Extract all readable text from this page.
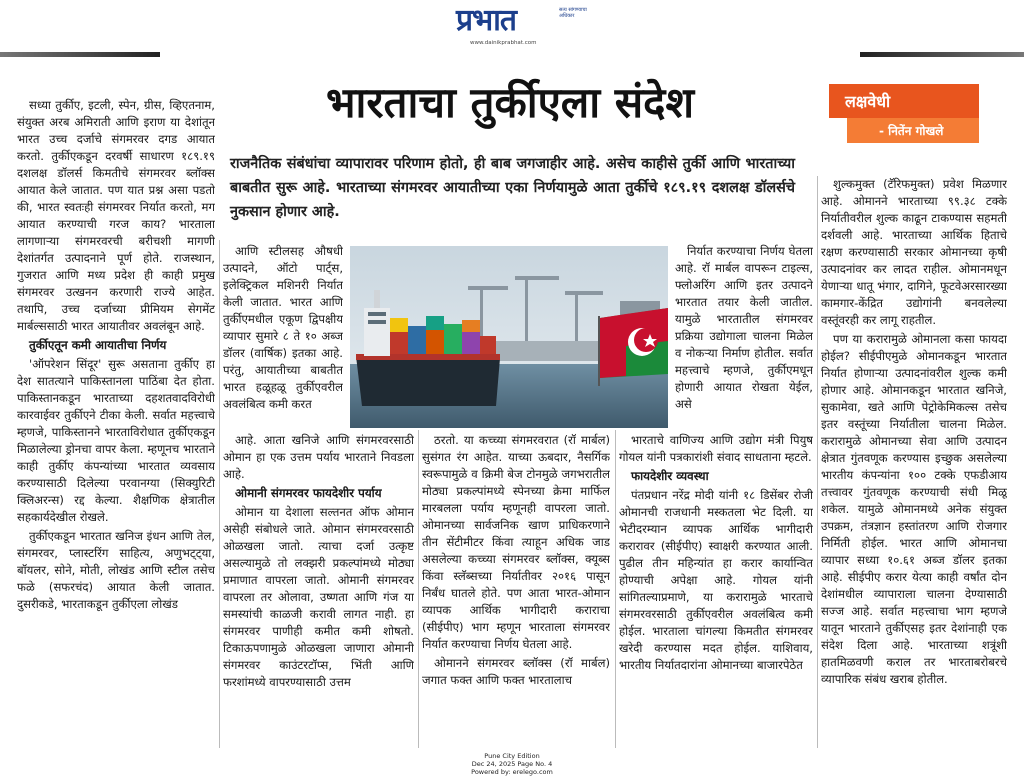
प्रभात	सत्य सांगण्याचा अधिकार
www.dainikprabhat.com
भारताचा तुर्कीएला संदेश
राजनैतिक संबंधांचा व्यापारावर परिणाम होतो, ही बाब जगजाहीर आहे. असेच काहीसे तुर्की आणि भारताच्या बाबतीत सुरू आहे. भारताच्या संगमरवर आयातीच्या एका निर्णयामुळे आता तुर्कीचे १८९.१९ दशलक्ष डॉलर्सचे नुकसान होणार आहे.

सध्या तुर्कीए, इटली, स्पेन, ग्रीस, व्हिएतनाम, संयुक्त अरब अमिराती आणि इराण या देशांतून भारत उच्च दर्जाचे संगमरवर दगड आयात करतो. तुर्कीएकडून दरवर्षी साधारण १८९.१९ दशलक्ष डॉलर्स किमतीचे संगमरवर ब्लॉक्स आयात केले जातात. पण यात प्रश्न असा पडतो की, भारत स्वतःही संगमरवर निर्यात करतो, मग आयात करण्याची गरज काय? भारताला लागणाऱ्या संगमरवरची बरीचशी मागणी देशांतर्गत उत्पादनाने पूर्ण होते. राजस्थान, गुजरात आणि मध्य प्रदेश ही काही प्रमुख संगमरवर उत्खनन करणारी राज्ये आहेत. तथापि, उच्च दर्जाच्या प्रीमियम सेगमेंट मार्बल्ससाठी भारत आयातीवर अवलंबून आहे.

तुर्कीएतून कमी आयातीचा निर्णय

'ऑपरेशन सिंदूर' सुरू असताना तुर्कीए हा देश सातत्याने पाकिस्तानला पाठिंबा देत होता. पाकिस्तानकडून भारताच्या दहशतवादविरोधी कारवाईवर तुर्कीएने टीका केली. सर्वात महत्त्वाचे म्हणजे, पाकिस्तानने भारताविरोधात तुर्कीएकडून मिळालेल्या ड्रोनचा वापर केला. म्हणूनच भारताने काही तुर्कीए कंपन्यांच्या भारतात व्यवसाय करण्यासाठी दिलेल्या परवानग्या (सिक्युरिटी क्लिअरन्स) रद्द केल्या. शैक्षणिक क्षेत्रातील सहकार्यदेखील रोखले.

तुर्कीएकडून भारतात खनिज इंधन आणि तेल, संगमरवर, प्लास्टरिंग साहित्य, अणुभट्ट्या, बॉयलर, सोने, मोती, लोखंड आणि स्टील तसेच फळे (सफरचंद) आयात केली जातात. दुसरीकडे, भारताकडून तुर्कीएला लोखंड

आणि स्टीलसह औषधी उत्पादने, ऑटो पार्ट्स, इलेक्ट्रिकल मशिनरी निर्यात केली जातात. भारत आणि तुर्कीएमधील एकूण द्विपक्षीय व्यापार सुमारे ८ ते १० अब्ज डॉलर (वार्षिक) इतका आहे. परंतु, आयातीच्या बाबतीत भारत हळूहळू तुर्कीएवरील अवलंबित्व कमी करत

आहे. आता खनिजे आणि संगमरवरसाठी ओमान हा एक उत्तम पर्याय भारताने निवडला आहे.

ओमानी संगमरवर फायदेशीर पर्याय

ओमान या देशाला सल्तनत ऑफ ओमान असेही संबोधले जाते. ओमान संगमरवरसाठी ओळखला जातो. त्याचा दर्जा उत्कृष्ट असल्यामुळे तो लक्झरी प्रकल्पांमध्ये मोठ्या प्रमाणात वापरला जातो. ओमानी संगमरवर वापरला तर ओलावा, उष्णता आणि गंज या समस्यांची काळजी करावी लागत नाही. हा संगमरवर पाणीही कमीत कमी शोषतो. टिकाऊपणामुळे ओळखला जाणारा ओमानी संगमरवर काउंटरटॉप्स, भिंती आणि फरशांमध्ये वापरण्यासाठी उत्तम

ठरतो. या कच्च्या संगमरवरात (रॉ मार्बल) सुसंगत रंग आहेत. याच्या ऊबदार, नैसर्गिक स्वरूपामुळे व क्रिमी बेज टोनमुळे जगभरातील मोठ्या प्रकल्पांमध्ये स्पेनच्या क्रेमा मार्फिल मारबलला पर्याय म्हणूनही वापरला जातो. ओमानच्या सार्वजनिक खाण प्राधिकरणाने तीन सेंटीमीटर किंवा त्याहून अधिक जाड असलेल्या कच्च्या संगमरवर ब्लॉक्स, क्यूब्स किंवा स्लॅब्सच्या निर्यातीवर २०१६ पासून निर्बंध घातले होते. पण आता भारत-ओमान व्यापक आर्थिक भागीदारी कराराचा (सीईपीए) भाग म्हणून भारताला संगमरवर निर्यात करण्याचा निर्णय घेतला आहे.

ओमानने संगमरवर ब्लॉक्स (रॉ मार्बल) जगात फक्त आणि फक्त भारतालाच

निर्यात करण्याचा निर्णय घेतला आहे. रॉ मार्बल वापरून टाइल्स, फ्लोअरिंग आणि इतर उत्पादने भारतात तयार केली जातील. यामुळे भारतातील संगमरवर प्रक्रिया उद्योगाला चालना मिळेल व नोकऱ्या निर्माण होतील. सर्वात महत्त्वाचे म्हणजे, तुर्कीएमधून होणारी आयात रोखता येईल, असे

भारताचे वाणिज्य आणि उद्योग मंत्री पियुष गोयल यांनी पत्रकारांशी संवाद साधताना म्हटले.

फायदेशीर व्यवस्था

पंतप्रधान नरेंद्र मोदी यांनी १८ डिसेंबर रोजी ओमानची राजधानी मस्कतला भेट दिली. या भेटीदरम्यान व्यापक आर्थिक भागीदारी करारावर (सीईपीए) स्वाक्षरी करण्यात आली. पुढील तीन महिन्यांत हा करार कार्यान्वित होण्याची अपेक्षा आहे. गोयल यांनी सांगितल्याप्रमाणे, या करारामुळे भारताचे संगमरवरसाठी तुर्कीएवरील अवलंबित्व कमी होईल. भारताला चांगल्या किमतीत संगमरवर खरेदी करण्यास मदत होईल. याशिवाय, भारतीय निर्यातदारांना ओमानच्या बाजारपेठेत

शुल्कमुक्त (टॅरिफमुक्त) प्रवेश मिळणार आहे. ओमानने भारताच्या ९९.३८ टक्के निर्यातीवरील शुल्क काढून टाकण्यास सहमती दर्शवली आहे. भारताच्या आर्थिक हिताचे रक्षण करण्यासाठी सरकार ओमानच्या कृषी उत्पादनांवर कर लादत राहील. ओमानमधून येणाऱ्या धातू भंगार, दागिने, फूटवेअरसारख्या कामगार-केंद्रित उद्योगांनी बनवलेल्या वस्तूंवरही कर लागू राहतील.

पण या करारामुळे ओमानला कसा फायदा होईल? सीईपीएमुळे ओमानकडून भारतात निर्यात होणाऱ्या उत्पादनांवरील शुल्क कमी होणार आहे. ओमानकडून भारतात खनिजे, सुकामेवा, खते आणि पेट्रोकेमिकल्स तसेच इतर वस्तूंच्या निर्यातीला चालना मिळेल. करारामुळे ओमानच्या सेवा आणि उत्पादन क्षेत्रात गुंतवणूक करण्यास इच्छुक असलेल्या भारतीय कंपन्यांना १०० टक्के एफडीआय तत्त्वावर गुंतवणूक करण्याची संधी मिळू शकेल. यामुळे ओमानमध्ये अनेक संयुक्त उपक्रम, तंत्रज्ञान हस्तांतरण आणि रोजगार निर्मिती होईल. भारत आणि ओमानचा व्यापार सध्या १०.६१ अब्ज डॉलर इतका आहे. सीईपीए करार येत्या काही वर्षांत दोन देशांमधील व्यापाराला चालना देण्यासाठी सज्ज आहे. सर्वात महत्त्वाचा भाग म्हणजे यातून भारताने तुर्कीएसह इतर देशांनाही एक संदेश दिला आहे. भारताच्या शत्रूंशी हातमिळवणी कराल तर भारताबरोबरचे व्यापारिक संबंध खराब होतील.

लक्षवेधी
- नितेंन गोखले
Pune City Edition
Dec 24, 2025 Page No. 4
Powered by: erelego.com
